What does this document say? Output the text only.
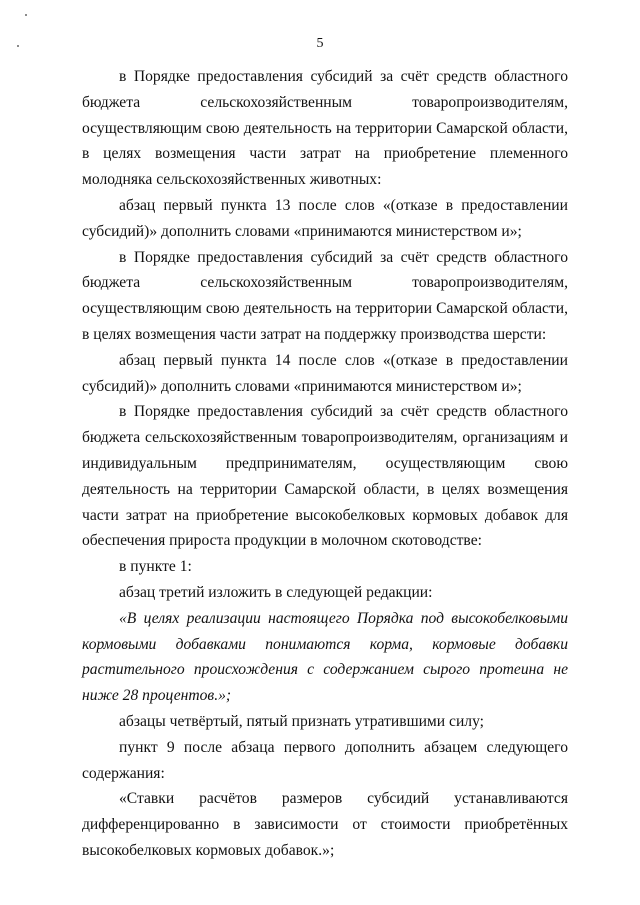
5

в Порядке предоставления субсидий за счёт средств областного бюджета сельскохозяйственным товаропроизводителям, осуществляющим свою деятельность на территории Самарской области, в целях возмещения части затрат на приобретение племенного молодняка сельскохозяйственных животных:

абзац первый пункта 13 после слов «(отказе в предоставлении субсидий)» дополнить словами «принимаются министерством и»;

в Порядке предоставления субсидий за счёт средств областного бюджета сельскохозяйственным товаропроизводителям, осуществляющим свою деятельность на территории Самарской области, в целях возмещения части затрат на поддержку производства шерсти:

абзац первый пункта 14 после слов «(отказе в предоставлении субсидий)» дополнить словами «принимаются министерством и»;

в Порядке предоставления субсидий за счёт средств областного бюджета сельскохозяйственным товаропроизводителям, организациям и индивидуальным предпринимателям, осуществляющим свою деятельность на территории Самарской области, в целях возмещения части затрат на приобретение высокобелковых кормовых добавок для обеспечения прироста продукции в молочном скотоводстве:

в пункте 1:

абзац третий изложить в следующей редакции:

«В целях реализации настоящего Порядка под высокобелковыми кормовыми добавками понимаются корма, кормовые добавки растительного происхождения с содержанием сырого протеина не ниже 28 процентов.»;

абзацы четвёртый, пятый признать утратившими силу;

пункт 9 после абзаца первого дополнить абзацем следующего содержания:

«Ставки расчётов размеров субсидий устанавливаются дифференцированно в зависимости от стоимости приобретённых высокобелковых кормовых добавок.»;
